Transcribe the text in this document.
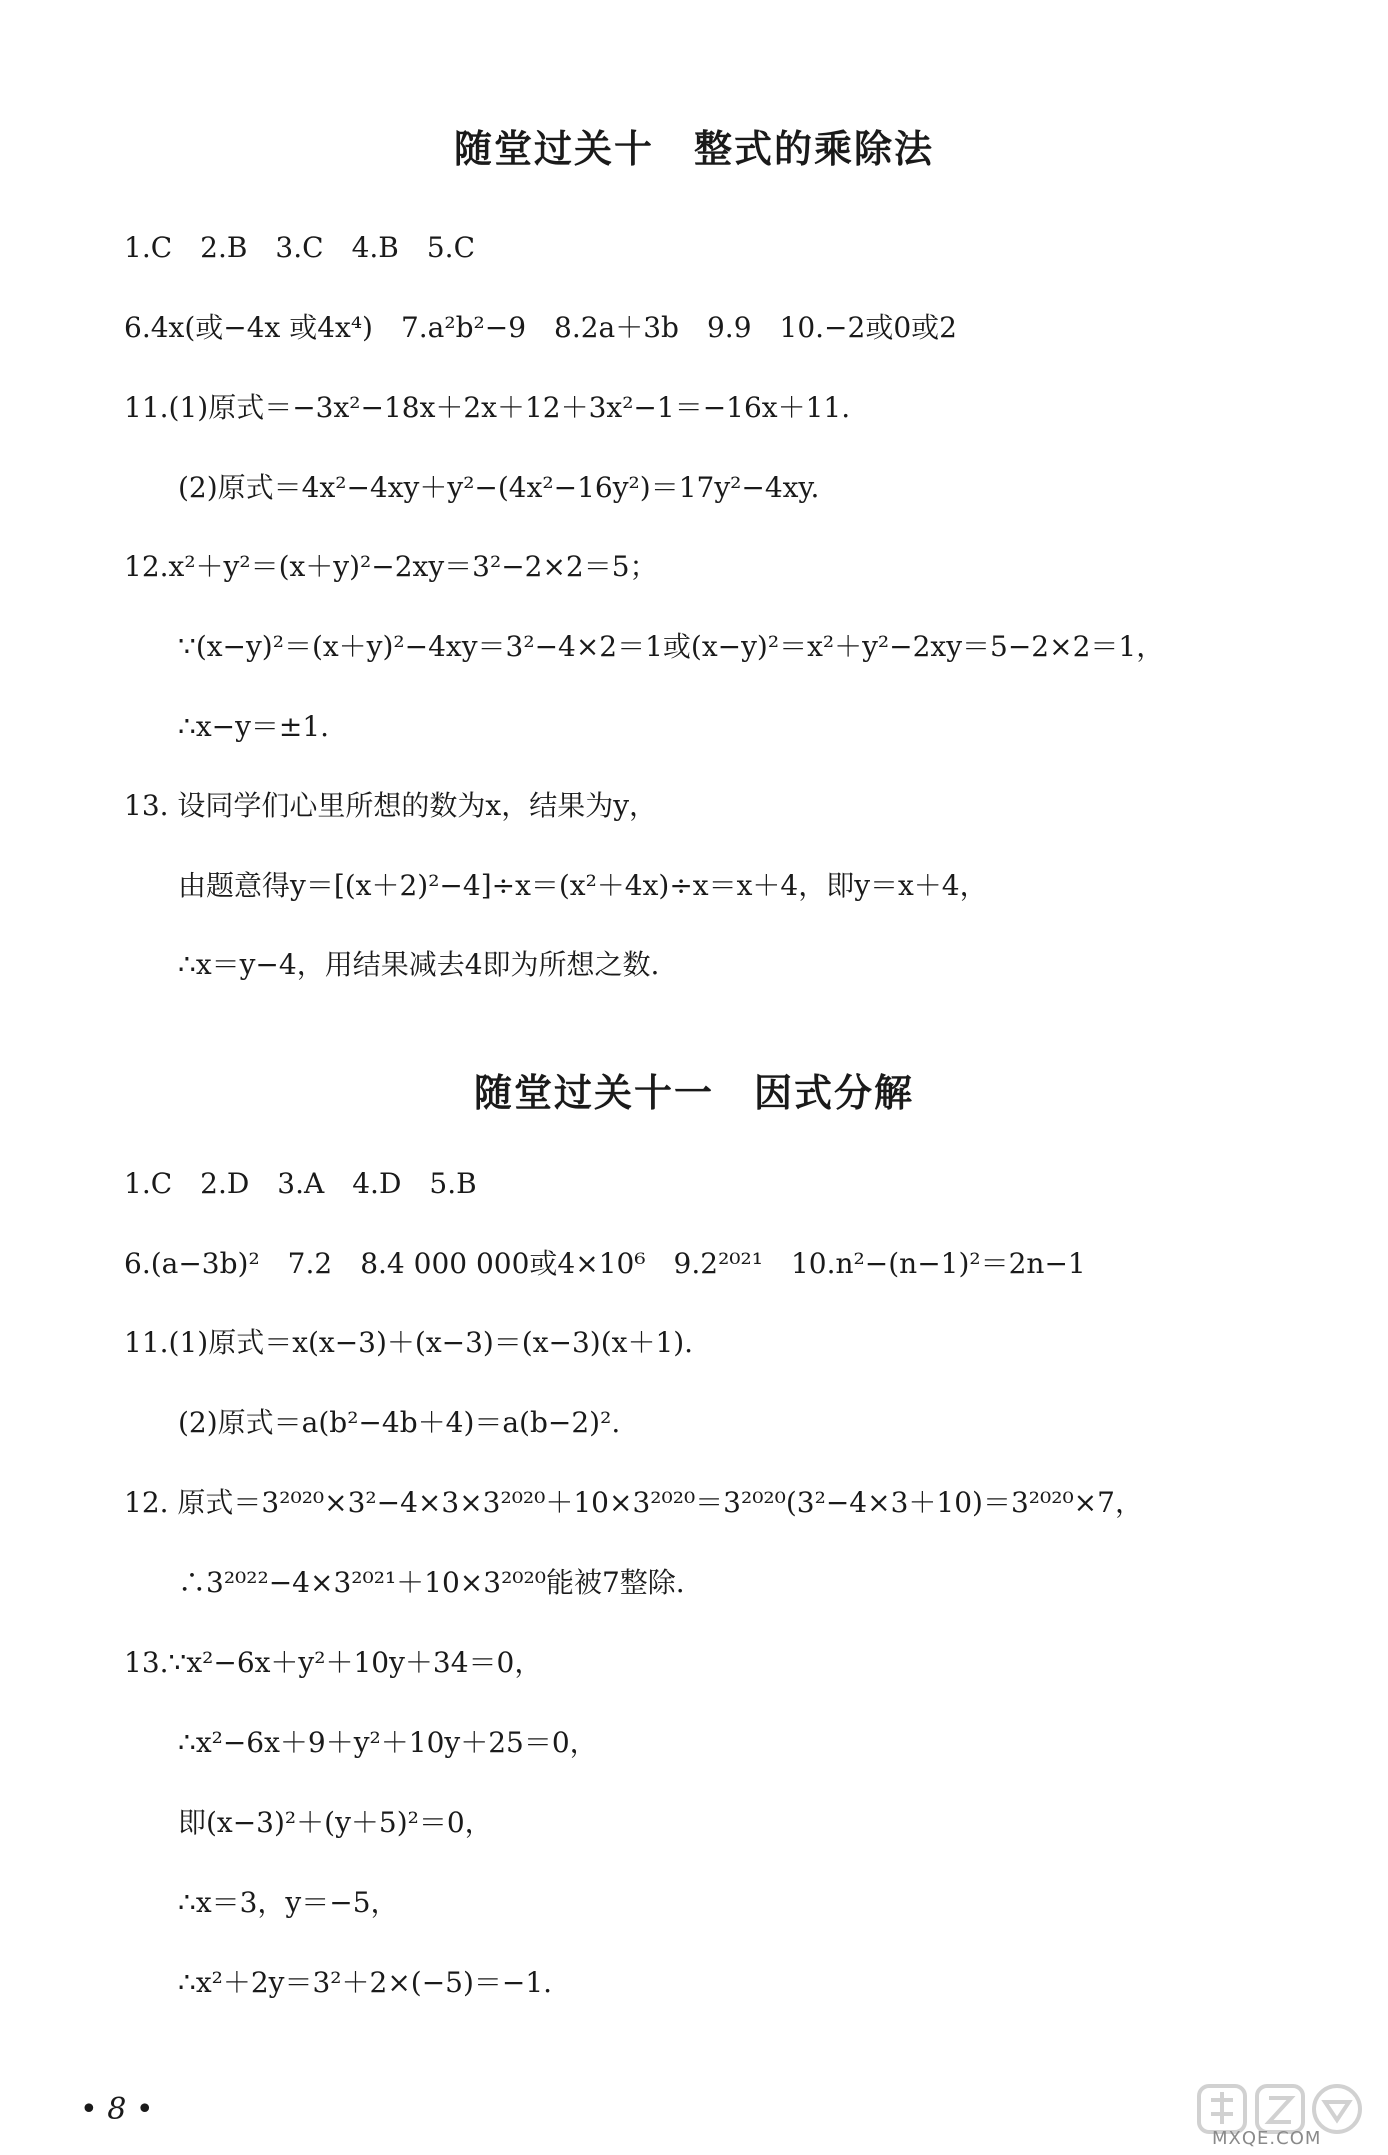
随堂过关十　整式的乘除法
1.C　2.B　3.C　4.B　5.C
6.4x(或−4x 或4x⁴)　7.a²b²−9　8.2a＋3b　9.9　10.−2或0或2
11.(1)原式＝−3x²−18x＋2x＋12＋3x²−1＝−16x＋11.
(2)原式＝4x²−4xy＋y²−(4x²−16y²)＝17y²−4xy.
12.x²＋y²＝(x＋y)²−2xy＝3²−2×2＝5；
∵(x−y)²＝(x＋y)²−4xy＝3²−4×2＝1或(x−y)²＝x²＋y²−2xy＝5−2×2＝1，
∴x−y＝±1.
13. 设同学们心里所想的数为x，结果为y，
由题意得y＝[(x＋2)²−4]÷x＝(x²＋4x)÷x＝x＋4，即y＝x＋4，
∴x＝y−4，用结果减去4即为所想之数.
随堂过关十一　因式分解
1.C　2.D　3.A　4.D　5.B
6.(a−3b)²　7.2　8.4 000 000或4×10⁶　9.2²⁰²¹　10.n²−(n−1)²＝2n−1
11.(1)原式＝x(x−3)＋(x−3)＝(x−3)(x＋1).
(2)原式＝a(b²−4b＋4)＝a(b−2)².
12. 原式＝3²⁰²⁰×3²−4×3×3²⁰²⁰＋10×3²⁰²⁰＝3²⁰²⁰(3²−4×3＋10)＝3²⁰²⁰×7，
∴3²⁰²²−4×3²⁰²¹＋10×3²⁰²⁰能被7整除.
13.∵x²−6x＋y²＋10y＋34＝0，
∴x²−6x＋9＋y²＋10y＋25＝0，
即(x−3)²＋(y＋5)²＝0，
∴x＝3，y＝−5，
∴x²＋2y＝3²＋2×(−5)＝−1.
• 8 •
MXQE.COM
